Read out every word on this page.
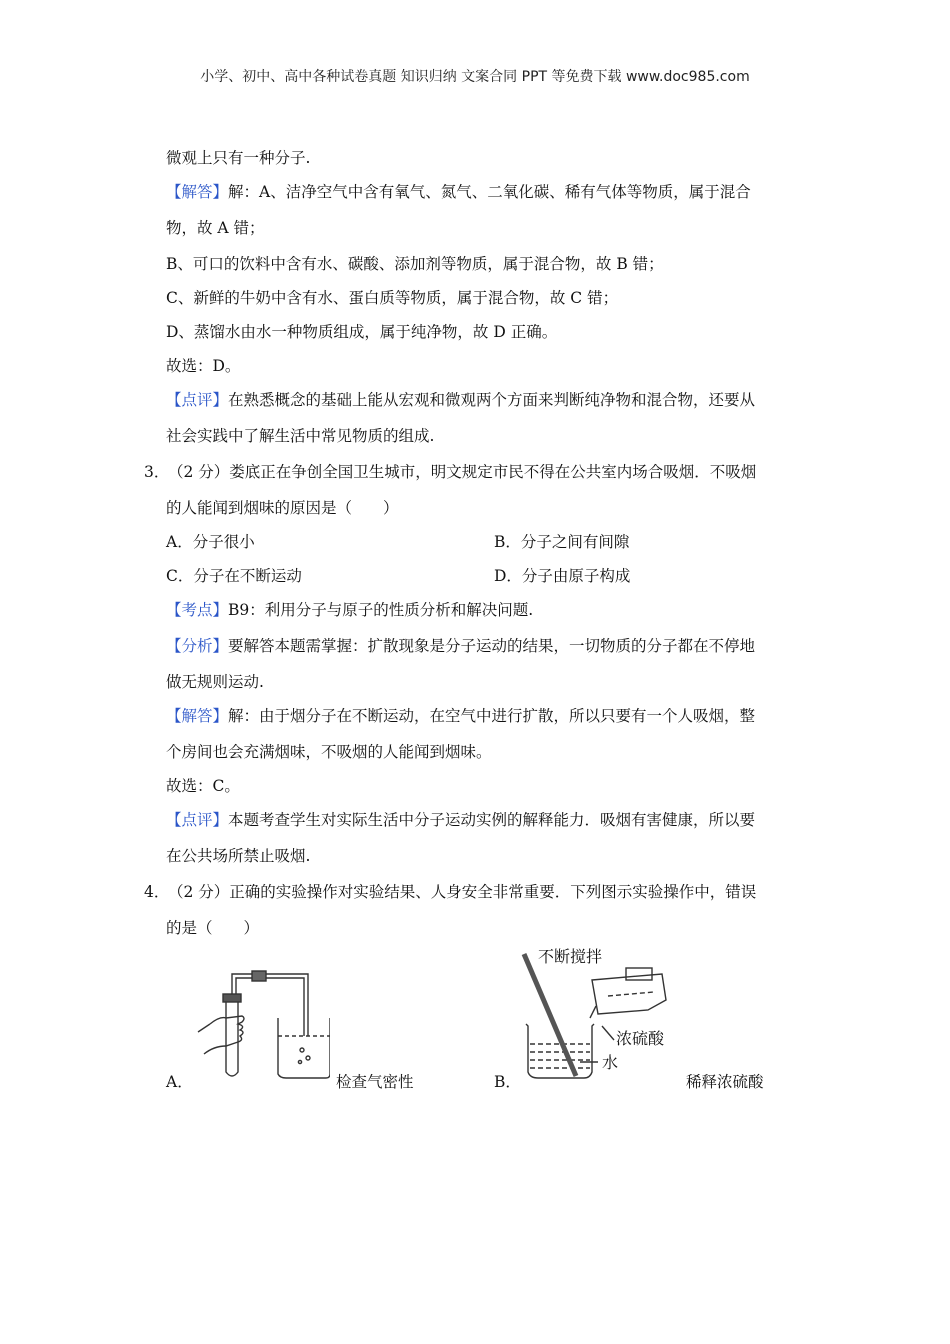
小学、初中、高中各种试卷真题 知识归纳 文案合同 PPT 等免费下载 www.doc985.com
微观上只有一种分子.
【解答】解：A、洁净空气中含有氧气、氮气、二氧化碳、稀有气体等物质，属于混合
物，故 A 错；
B、可口的饮料中含有水、碳酸、添加剂等物质，属于混合物，故 B 错；
C、新鲜的牛奶中含有水、蛋白质等物质，属于混合物，故 C 错；
D、蒸馏水由水一种物质组成，属于纯净物，故 D 正确。
故选：D。
【点评】在熟悉概念的基础上能从宏观和微观两个方面来判断纯净物和混合物，还要从
社会实践中了解生活中常见物质的组成.
3．
（2 分）娄底正在争创全国卫生城市，明文规定市民不得在公共室内场合吸烟．不吸烟
的人能闻到烟味的原因是（　　）
A．分子很小	B．分子之间有间隙
C．分子在不断运动	D．分子由原子构成
【考点】B9：利用分子与原子的性质分析和解决问题.
【分析】要解答本题需掌握：扩散现象是分子运动的结果，一切物质的分子都在不停地
做无规则运动.
【解答】解：由于烟分子在不断运动，在空气中进行扩散，所以只要有一个人吸烟，整
个房间也会充满烟味，不吸烟的人能闻到烟味。
故选：C。
【点评】本题考查学生对实际生活中分子运动实例的解释能力．吸烟有害健康，所以要
在公共场所禁止吸烟.
4．
（2 分）正确的实验操作对实验结果、人身安全非常重要．下列图示实验操作中，错误
的是（　　）
A．	检查气密性	B．
不断搅拌
浓硫酸
水
稀释浓硫酸
